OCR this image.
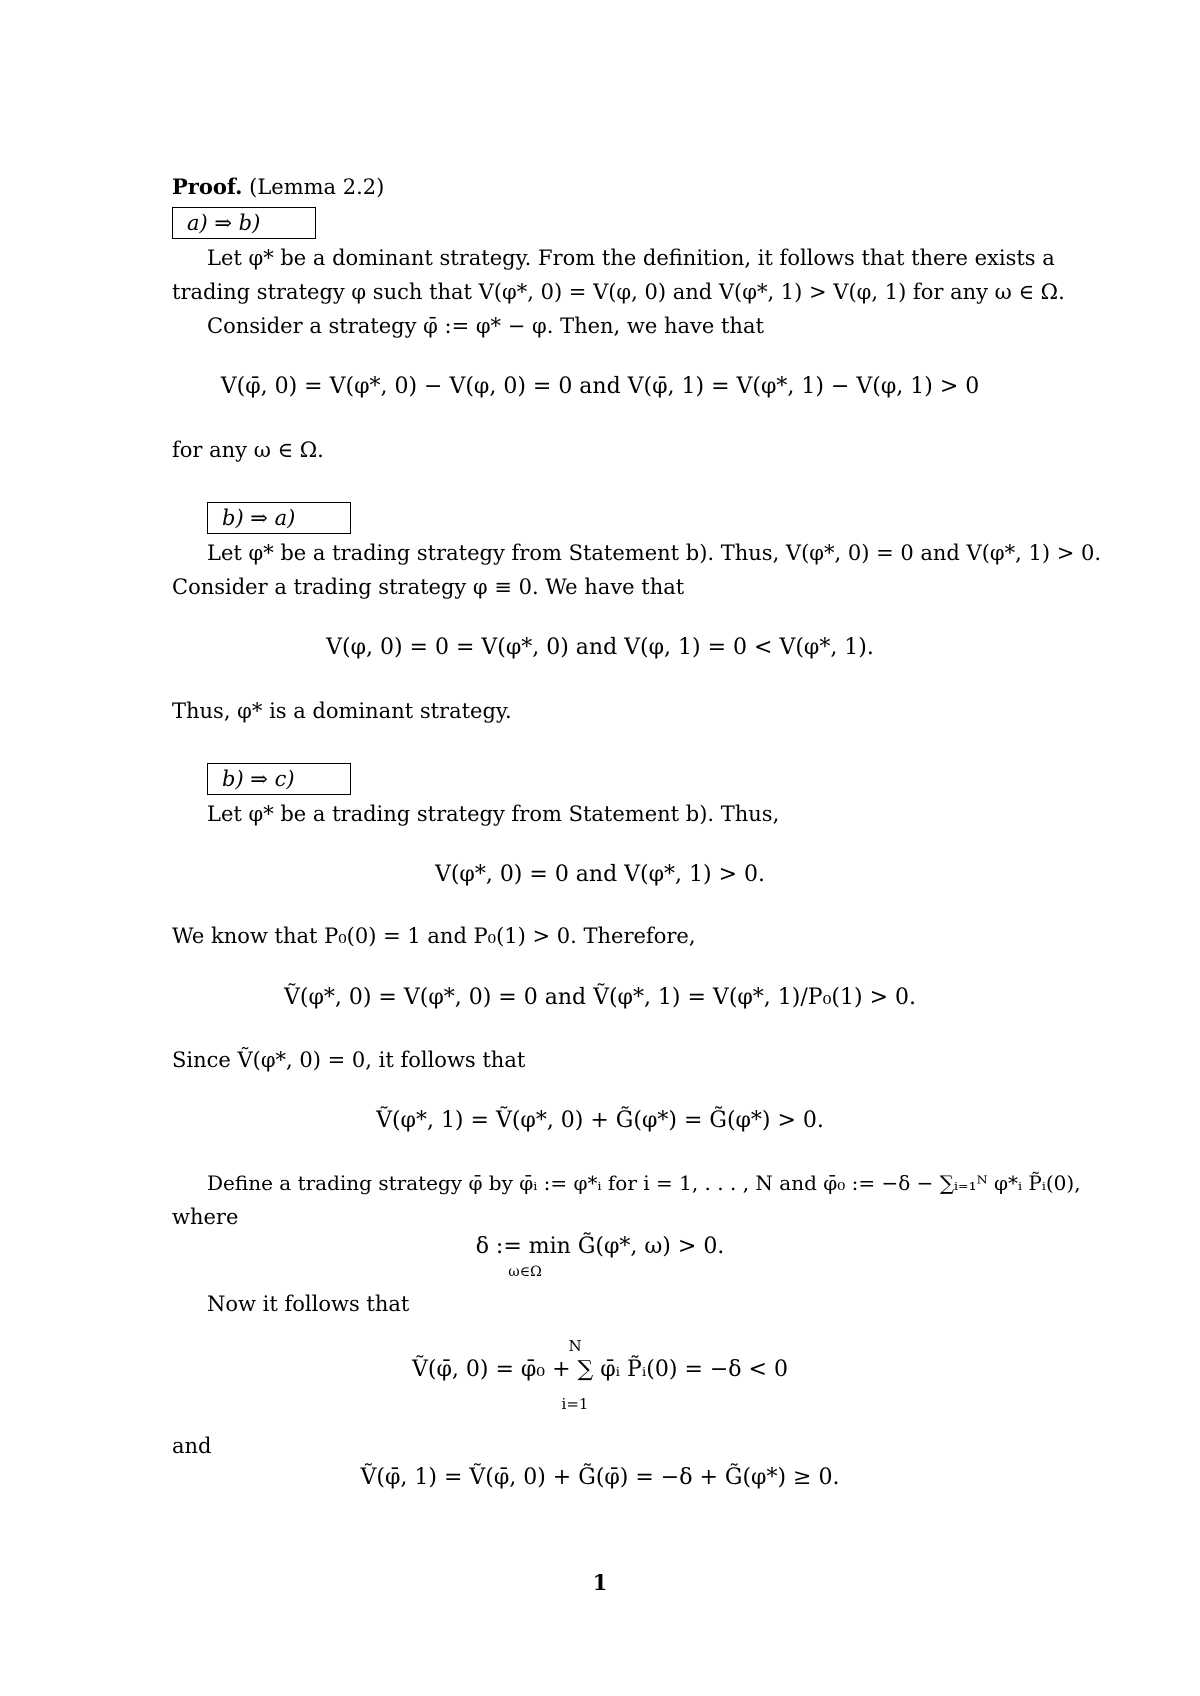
Proof. (Lemma 2.2)
a) ⇒ b)
Let φ* be a dominant strategy. From the definition, it follows that there exists a
trading strategy φ such that V(φ*, 0) = V(φ, 0) and V(φ*, 1) > V(φ, 1) for any ω ∈ Ω.
Consider a strategy φ̄ := φ* − φ. Then, we have that
V(φ̄, 0) = V(φ*, 0) − V(φ, 0) = 0 and V(φ̄, 1) = V(φ*, 1) − V(φ, 1) > 0
for any ω ∈ Ω.
b) ⇒ a)
Let φ* be a trading strategy from Statement b). Thus, V(φ*, 0) = 0 and V(φ*, 1) > 0.
Consider a trading strategy φ ≡ 0. We have that
V(φ, 0) = 0 = V(φ*, 0) and V(φ, 1) = 0 < V(φ*, 1).
Thus, φ* is a dominant strategy.
b) ⇒ c)
Let φ* be a trading strategy from Statement b). Thus,
V(φ*, 0) = 0 and V(φ*, 1) > 0.
We know that P₀(0) = 1 and P₀(1) > 0. Therefore,
Ṽ(φ*, 0) = V(φ*, 0) = 0 and Ṽ(φ*, 1) = V(φ*, 1)/P₀(1) > 0.
Since Ṽ(φ*, 0) = 0, it follows that
Ṽ(φ*, 1) = Ṽ(φ*, 0) + G̃(φ*) = G̃(φ*) > 0.
Define a trading strategy φ̄ by φ̄ᵢ := φ*ᵢ for i = 1, . . . , N and φ̄₀ := −δ − ∑ᵢ₌₁ᴺ φ*ᵢ P̃ᵢ(0),
where
δ := min G̃(φ*, ω) > 0.
ω∈Ω
Now it follows that
N
Ṽ(φ̄, 0) = φ̄₀ + ∑ φ̄ᵢ P̃ᵢ(0) = −δ < 0
i=1
and
Ṽ(φ̄, 1) = Ṽ(φ̄, 0) + G̃(φ̄) = −δ + G̃(φ*) ≥ 0.
1
